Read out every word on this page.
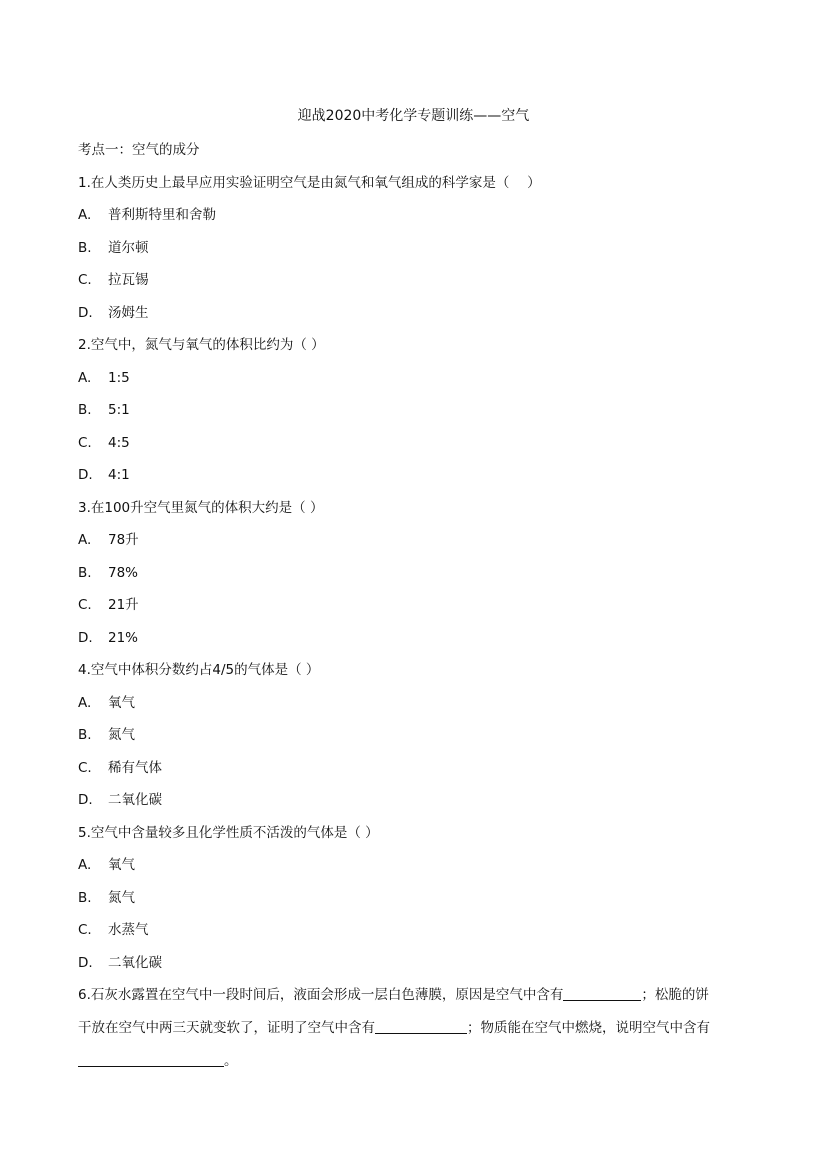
迎战2020中考化学专题训练——空气
考点一：空气的成分
1.在人类历史上最早应用实验证明空气是由氮气和氧气组成的科学家是（　 ）
A. 普利斯特里和舍勒
B. 道尔顿
C. 拉瓦锡
D. 汤姆生
2.空气中，氮气与氧气的体积比约为（ ）
A. 1:5
B. 5:1
C. 4:5
D. 4:1
3.在100升空气里氮气的体积大约是（ ）
A. 78升
B. 78%
C. 21升
D. 21%
4.空气中体积分数约占4/5的气体是（ ）
A. 氧气
B. 氮气
C. 稀有气体
D. 二氧化碳
5.空气中含量较多且化学性质不活泼的气体是（ ）
A. 氧气
B. 氮气
C. 水蒸气
D. 二氧化碳
6.石灰水露置在空气中一段时间后，液面会形成一层白色薄膜，原因是空气中含有	；松脆的饼
干放在空气中两三天就变软了，证明了空气中含有	；物质能在空气中燃烧，说明空气中含有
。
